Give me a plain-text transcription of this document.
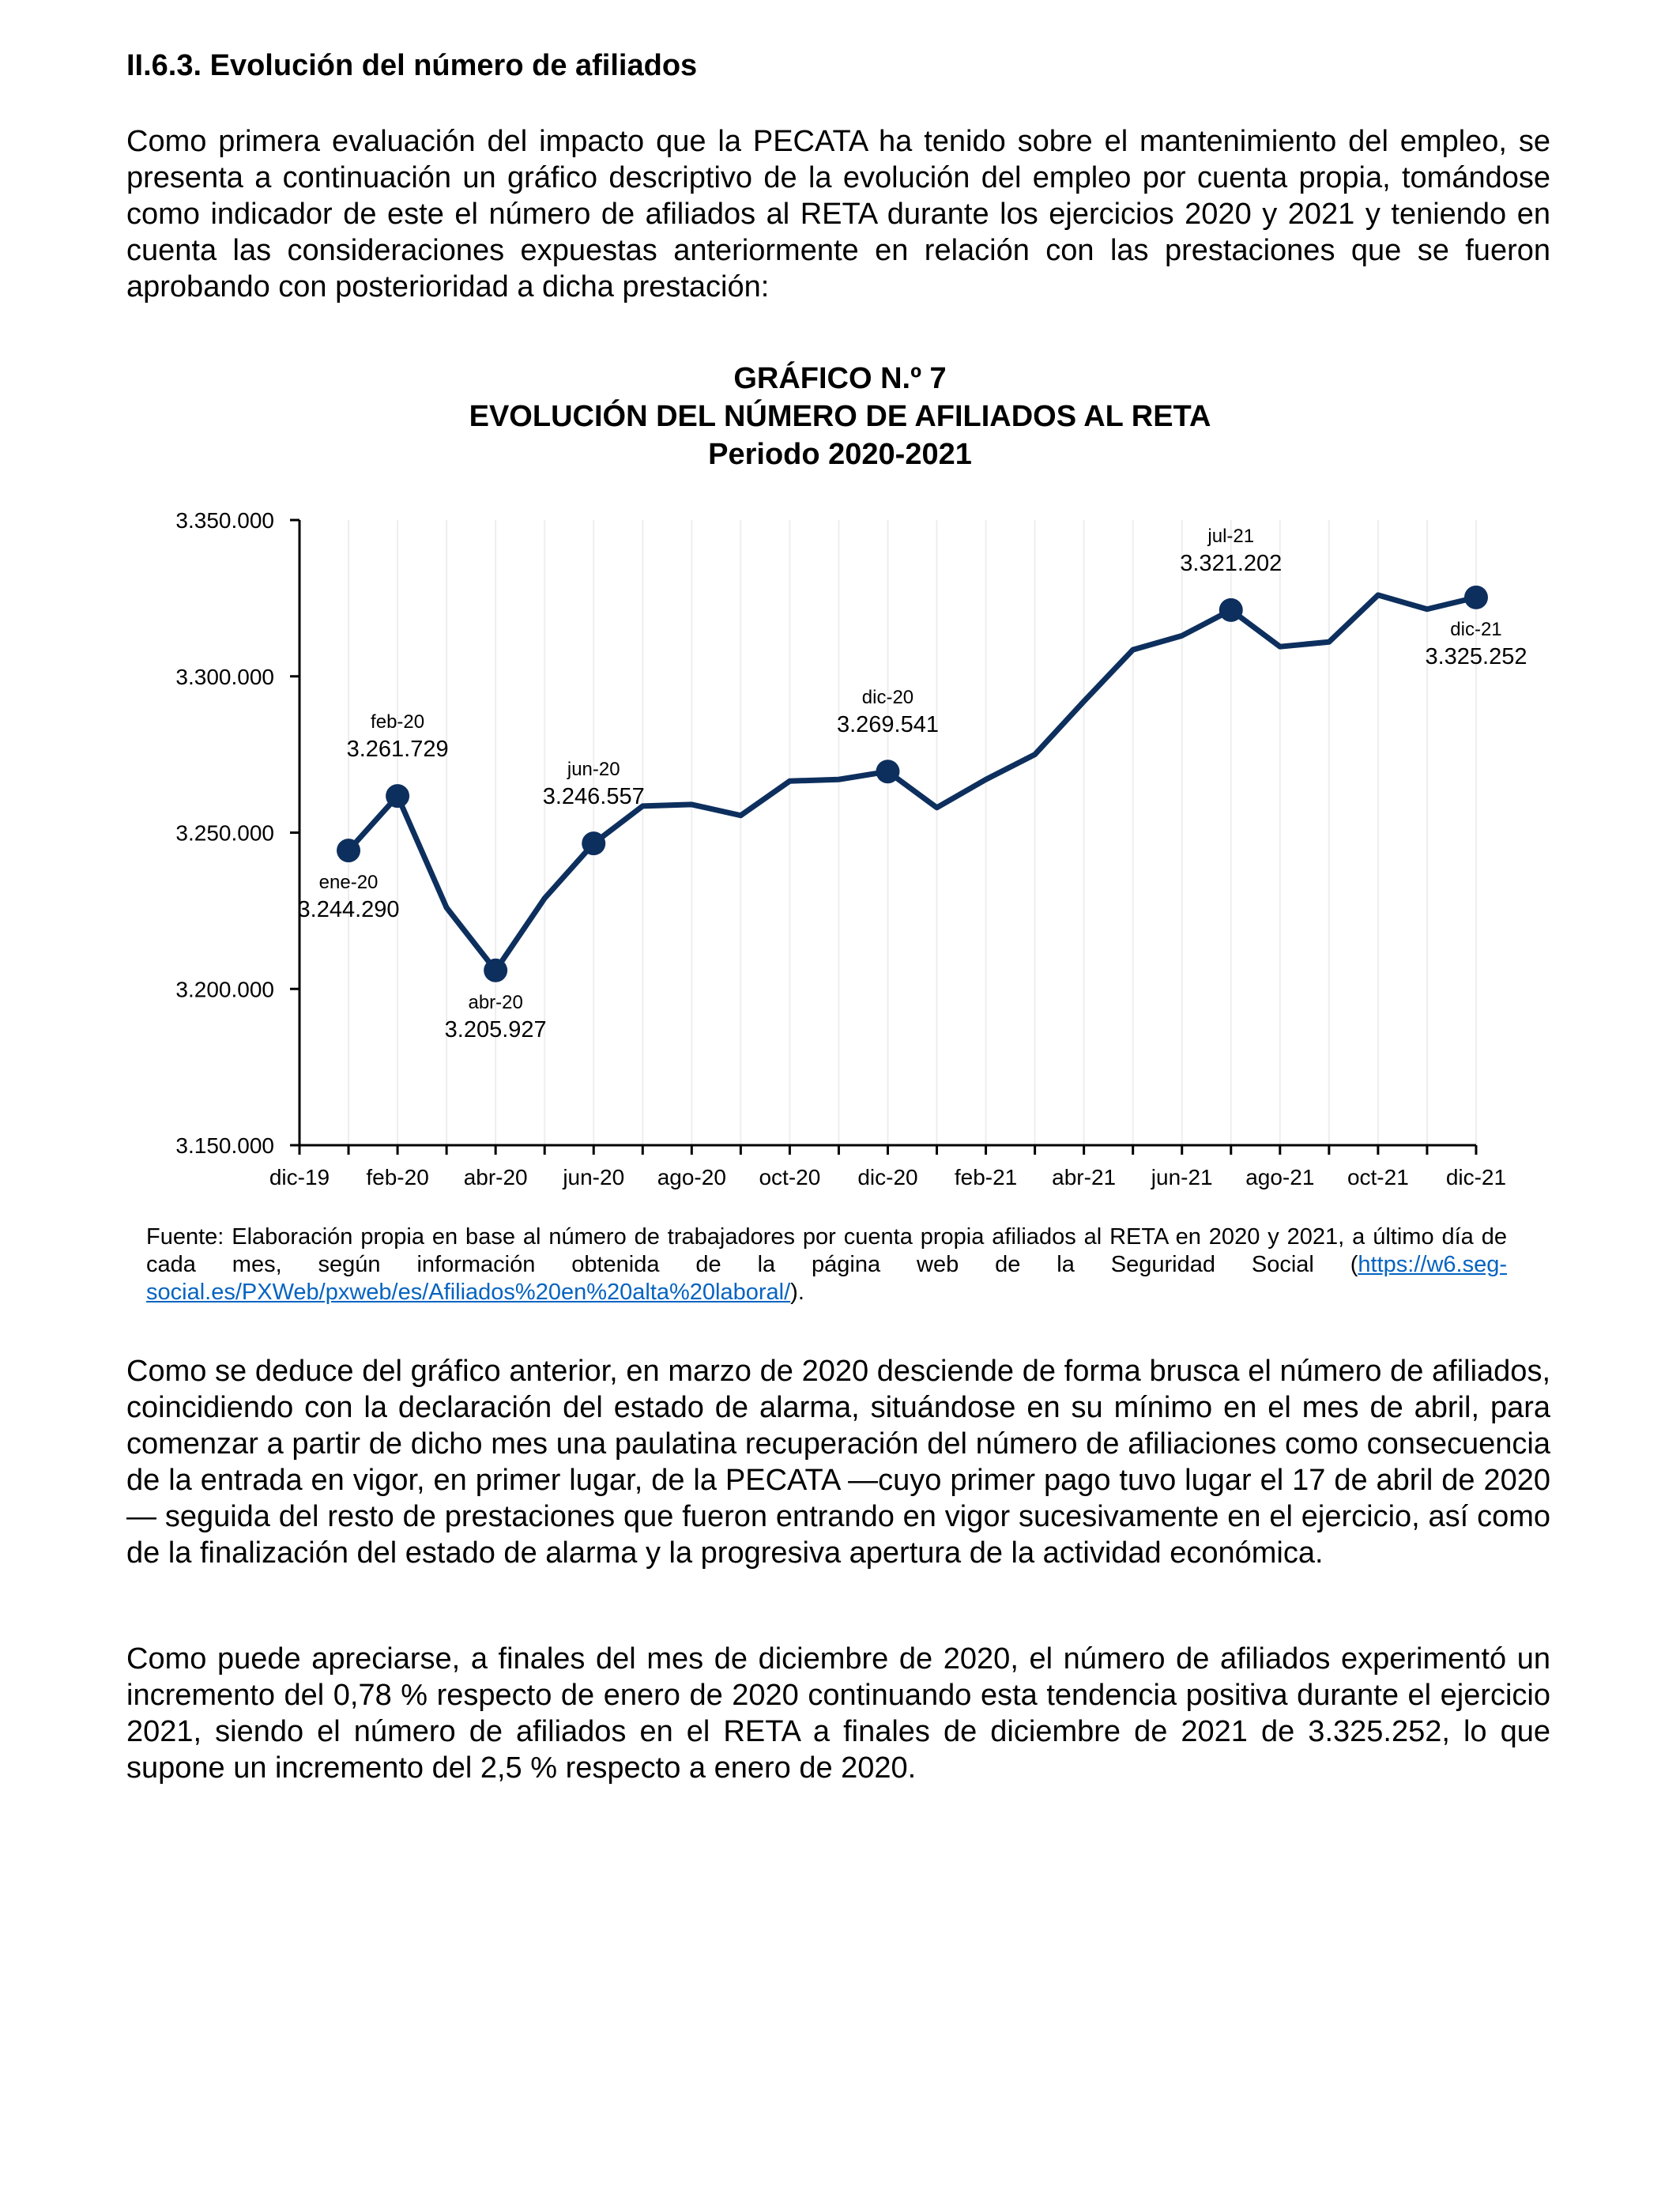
II.6.3. Evolución del número de afiliados

Como primera evaluación del impacto que la PECATA ha tenido sobre el mantenimiento del empleo, se presenta a continuación un gráfico descriptivo de la evolución del empleo por cuenta propia, tomándose como indicador de este el número de afiliados al RETA durante los ejercicios 2020 y 2021 y teniendo en cuenta las consideraciones expuestas anteriormente en relación con las prestaciones que se fueron aprobando con posterioridad a dicha prestación:

GRÁFICO N.º 7
EVOLUCIÓN DEL NÚMERO DE AFILIADOS AL RETA
Periodo 2020-2021
3.150.000
3.200.000
3.250.000
3.300.000
3.350.000
dic-19 feb-20 abr-20 jun-20 ago-20 oct-20 dic-20 feb-21 abr-21 jun-21 ago-21 oct-21 dic-21
ene-20
3.244.290
feb-20
3.261.729
abr-20
3.205.927
jun-20
3.246.557
dic-20
3.269.541
jul-21
3.321.202
dic-21
3.325.252

Fuente: Elaboración propia en base al número de trabajadores por cuenta propia afiliados al RETA en 2020 y 2021, a último día de cada mes, según información obtenida de la página web de la Seguridad Social (https://w6.seg-social.es/PXWeb/pxweb/es/Afiliados%20en%20alta%20laboral/).

Como se deduce del gráfico anterior, en marzo de 2020 desciende de forma brusca el número de afiliados, coincidiendo con la declaración del estado de alarma, situándose en su mínimo en el mes de abril, para comenzar a partir de dicho mes una paulatina recuperación del número de afiliaciones como consecuencia de la entrada en vigor, en primer lugar, de la PECATA —cuyo primer pago tuvo lugar el 17 de abril de 2020— seguida del resto de prestaciones que fueron entrando en vigor sucesivamente en el ejercicio, así como de la finalización del estado de alarma y la progresiva apertura de la actividad económica.

Como puede apreciarse, a finales del mes de diciembre de 2020, el número de afiliados experimentó un incremento del 0,78 % respecto de enero de 2020 continuando esta tendencia positiva durante el ejercicio 2021, siendo el número de afiliados en el RETA a finales de diciembre de 2021 de 3.325.252, lo que supone un incremento del 2,5 % respecto a enero de 2020.
